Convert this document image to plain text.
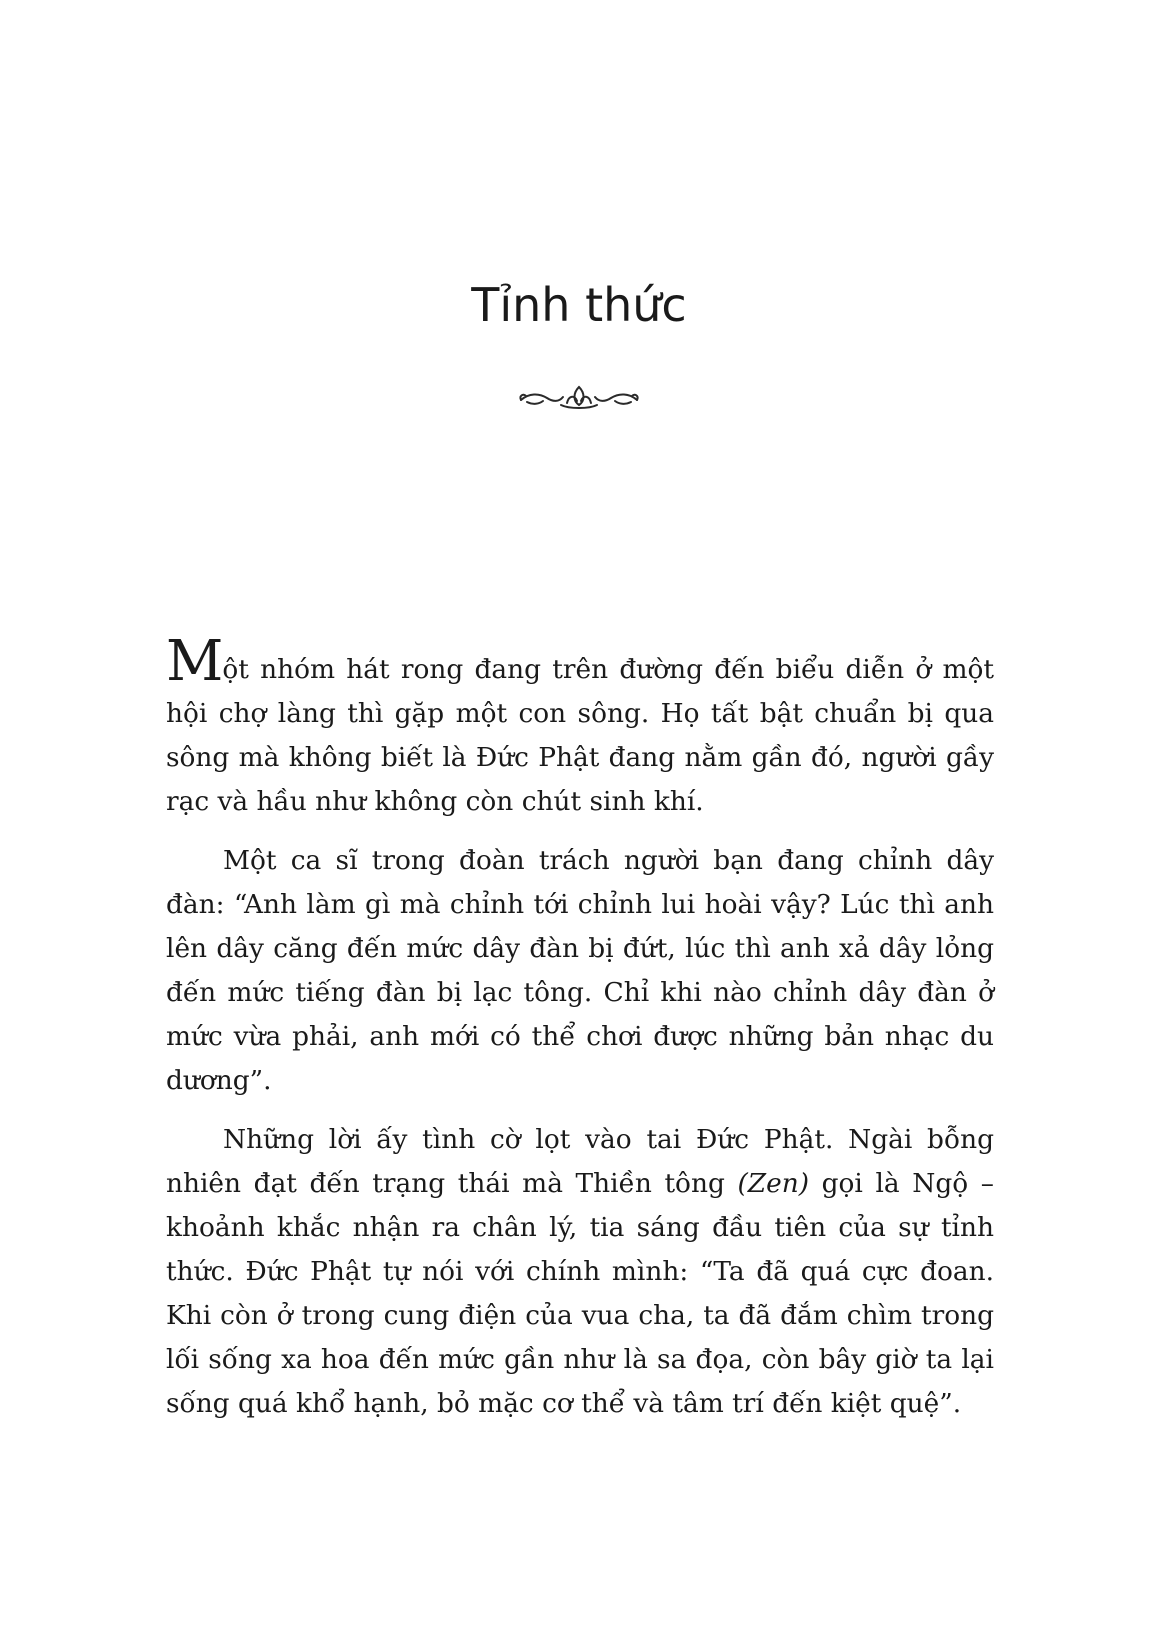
Tỉnh thức

Một nhóm hát rong đang trên đường đến biểu diễn ở một hội chợ làng thì gặp một con sông. Họ tất bật chuẩn bị qua sông mà không biết là Đức Phật đang nằm gần đó, người gầy rạc và hầu như không còn chút sinh khí.

Một ca sĩ trong đoàn trách người bạn đang chỉnh dây đàn: “Anh làm gì mà chỉnh tới chỉnh lui hoài vậy? Lúc thì anh lên dây căng đến mức dây đàn bị đứt, lúc thì anh xả dây lỏng đến mức tiếng đàn bị lạc tông. Chỉ khi nào chỉnh dây đàn ở mức vừa phải, anh mới có thể chơi được những bản nhạc du dương”.

Những lời ấy tình cờ lọt vào tai Đức Phật. Ngài bỗng nhiên đạt đến trạng thái mà Thiền tông (Zen) gọi là Ngộ – khoảnh khắc nhận ra chân lý, tia sáng đầu tiên của sự tỉnh thức. Đức Phật tự nói với chính mình: “Ta đã quá cực đoan. Khi còn ở trong cung điện của vua cha, ta đã đắm chìm trong lối sống xa hoa đến mức gần như là sa đọa, còn bây giờ ta lại sống quá khổ hạnh, bỏ mặc cơ thể và tâm trí đến kiệt quệ”.
